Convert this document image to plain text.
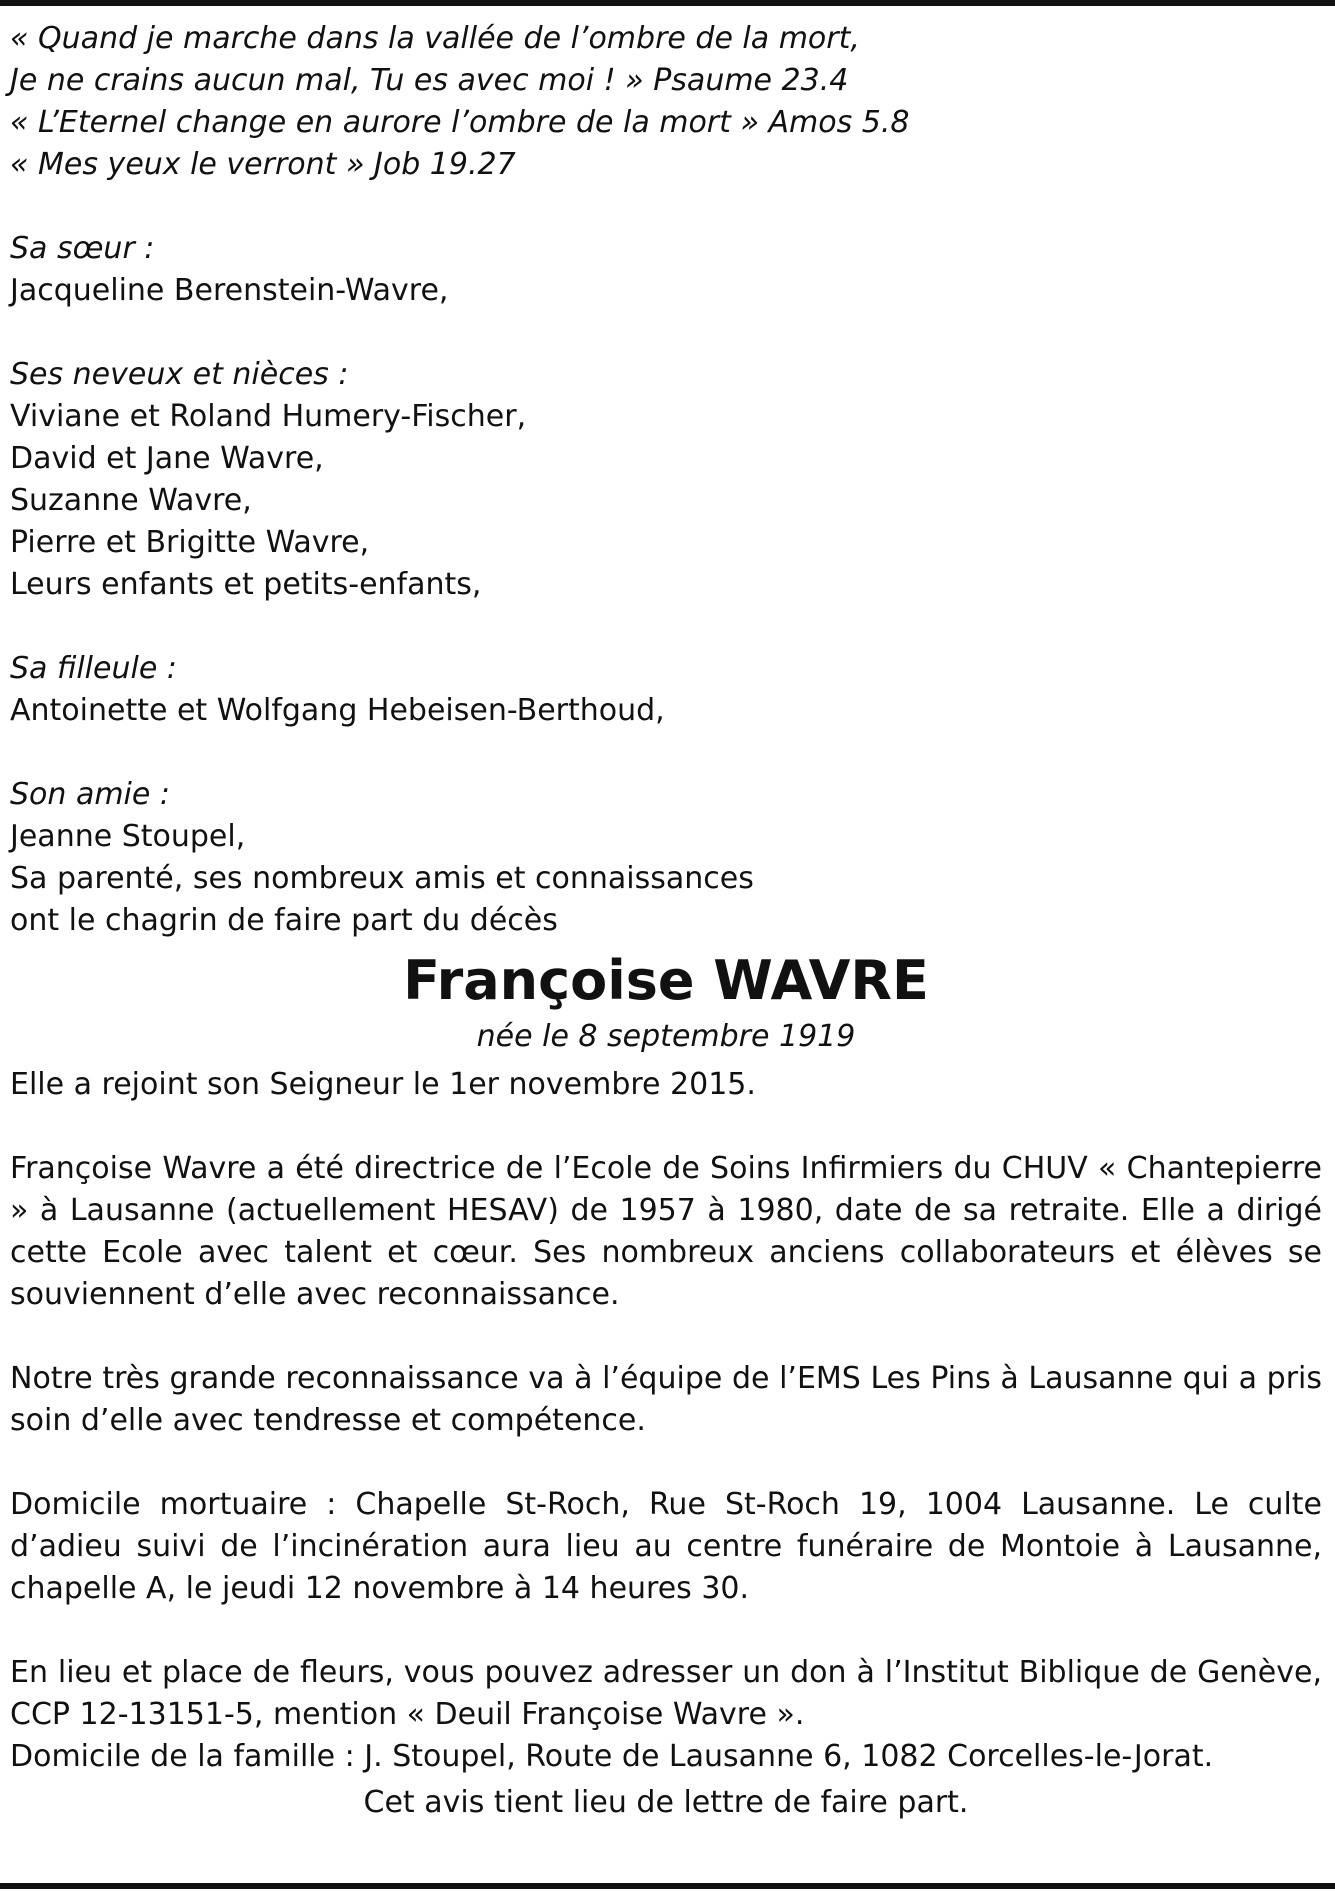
« Quand je marche dans la vallée de l’ombre de la mort,
Je ne crains aucun mal, Tu es avec moi ! » Psaume 23.4
« L’Eternel change en aurore l’ombre de la mort » Amos 5.8
« Mes yeux le verront » Job 19.27
Sa sœur :
Jacqueline Berenstein-Wavre,
Ses neveux et nièces :
Viviane et Roland Humery-Fischer,
David et Jane Wavre,
Suzanne Wavre,
Pierre et Brigitte Wavre,
Leurs enfants et petits-enfants,
Sa filleule :
Antoinette et Wolfgang Hebeisen-Berthoud,
Son amie :
Jeanne Stoupel,
Sa parenté, ses nombreux amis et connaissances
ont le chagrin de faire part du décès
Françoise WAVRE
née le 8 septembre 1919
Elle a rejoint son Seigneur le 1er novembre 2015.
Françoise Wavre a été directrice de l’Ecole de Soins Infirmiers du CHUV « Chantepierre » à Lausanne (actuellement HESAV) de 1957 à 1980, date de sa retraite. Elle a dirigé cette Ecole avec talent et cœur. Ses nombreux anciens collaborateurs et élèves se souviennent d’elle avec reconnaissance.
Notre très grande reconnaissance va à l’équipe de l’EMS Les Pins à Lausanne qui a pris soin d’elle avec tendresse et compétence.
Domicile mortuaire : Chapelle St-Roch, Rue St-Roch 19, 1004 Lausanne. Le culte d’adieu suivi de l’incinération aura lieu au centre funéraire de Montoie à Lausanne, chapelle A, le jeudi 12 novembre à 14 heures 30.
En lieu et place de fleurs, vous pouvez adresser un don à l’Institut Biblique de Genève, CCP 12-13151-5, mention « Deuil Françoise Wavre ».
Domicile de la famille : J. Stoupel, Route de Lausanne 6, 1082 Corcelles-le-Jorat.
Cet avis tient lieu de lettre de faire part.
